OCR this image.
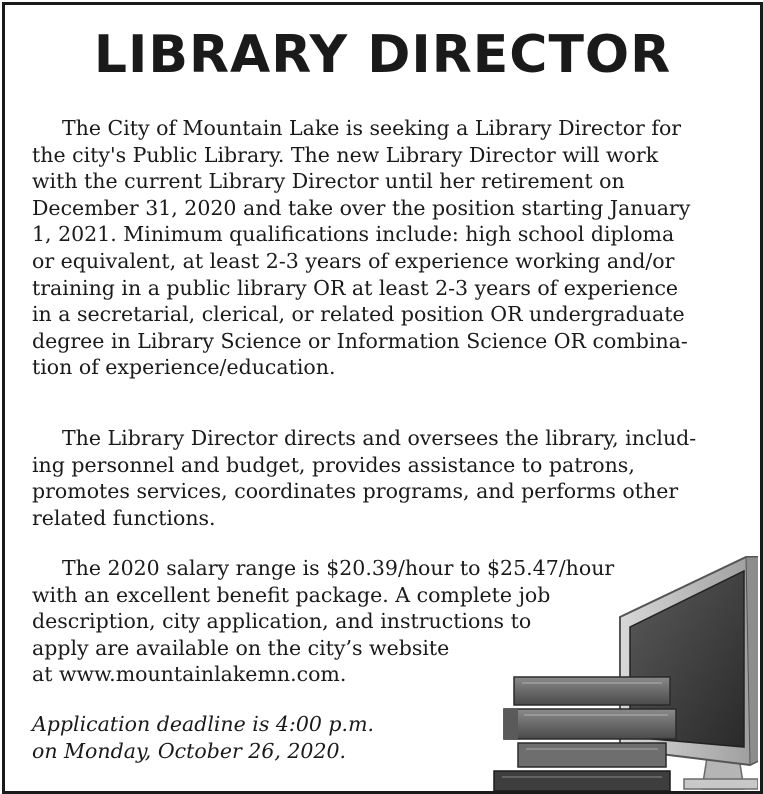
LIBRARY DIRECTOR

The City of Mountain Lake is seeking a Library Director for
the city's Public Library. The new Library Director will work
with the current Library Director until her retirement on
December 31, 2020 and take over the position starting January
1, 2021. Minimum qualifications include: high school diploma
or equivalent, at least 2-3 years of experience working and/or
training in a public library OR at least 2-3 years of experience
in a secretarial, clerical, or related position OR undergraduate
degree in Library Science or Information Science OR combina-
tion of experience/education.

The Library Director directs and oversees the library, includ-
ing personnel and budget, provides assistance to patrons,
promotes services, coordinates programs, and performs other
related functions.

The 2020 salary range is $20.39/hour to $25.47/hour
with an excellent benefit package. A complete job
description, city application, and instructions to
apply are available on the city’s website
at www.mountainlakemn.com.

Application deadline is 4:00 p.m.
on Monday, October 26, 2020.
